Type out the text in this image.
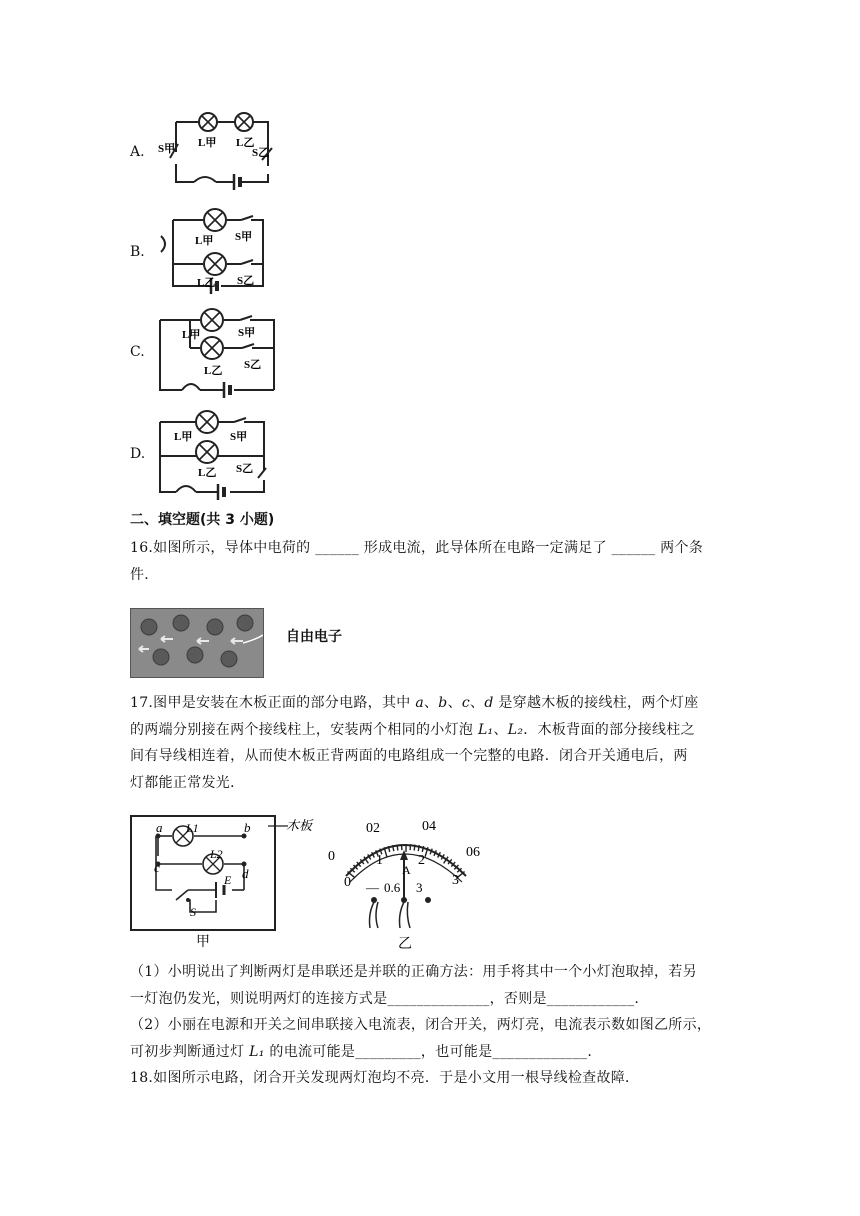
A.
B.
C.
D.
L甲 L乙
S甲	S乙
L甲
L乙
S甲
S乙
L甲
L乙
S甲
S乙
L甲
L乙
S甲
S乙
二、填空题(共 3 小题)
16.如图所示，导体中电荷的 ______ 形成电流，此导体所在电路一定满足了 ______ 两个条
件.
自由电子
17.图甲是安装在木板正面的部分电路，其中 a、b、c、d 是穿越木板的接线柱，两个灯座
的两端分别接在两个接线柱上，安装两个相同的小灯泡 L₁、L₂．木板背面的部分接线柱之
间有导线相连着，从而使木板正背两面的电路组成一个完整的电路．闭合开关通电后，两
灯都能正常发光．
木板
a	b
c	d
L1
L2
E
S
甲
0
02	04
06
0
1	2
3
A
— 0.6 3
乙
（1）小明说出了判断两灯是串联还是并联的正确方法：用手将其中一个小灯泡取掉，若另
一灯泡仍发光，则说明两灯的连接方式是______________，否则是____________.
（2）小丽在电源和开关之间串联接入电流表，闭合开关，两灯亮，电流表示数如图乙所示，
可初步判断通过灯 L₁ 的电流可能是_________，也可能是_____________.
18.如图所示电路，闭合开关发现两灯泡均不亮．于是小文用一根导线检查故障．
